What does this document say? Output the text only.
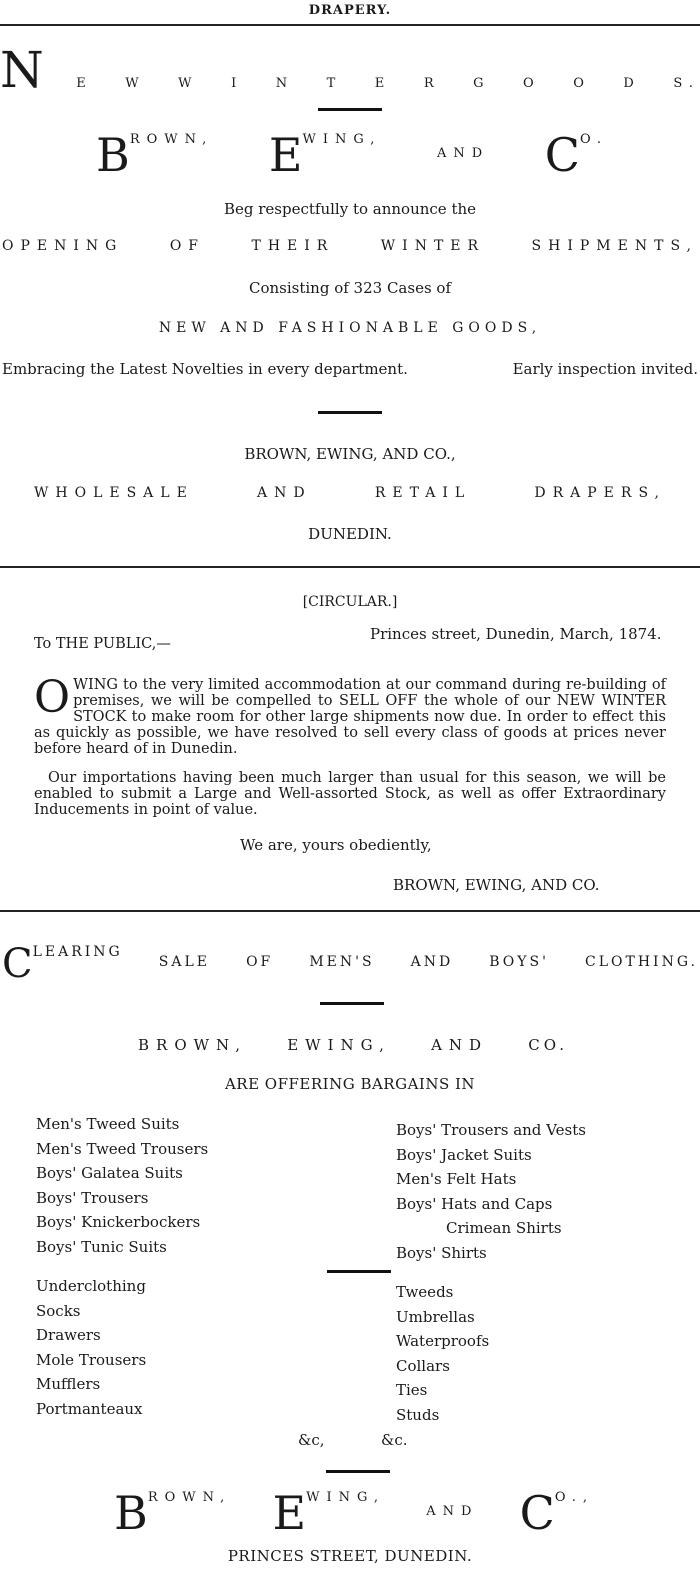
DRAPERY.
N	E	W	W	I	N	T	E	R	G	O	O	D	S.
$B^{ROWN,}$ $E^{WING,}$
AND $C^{O.}$
Beg respectfully to announce the
OPENING	OF	THEIR	WINTER	SHIPMENTS,
Consisting of 323 Cases of
NEW AND FASHIONABLE GOODS,
Embracing the Latest Novelties in every department.	Early inspection invited.
BROWN, EWING, AND CO.,
WHOLESALE	AND	RETAIL	DRAPERS,
DUNEDIN.
[CIRCULAR.]
Princes street, Dunedin, March, 1874.
To THE PUBLIC,—
OWING to the very limited accommodation at our command during re-building of premises, we will be compelled to SELL OFF the whole of our NEW WINTER STOCK to make room for other large shipments now due. In order to effect this as quickly as possible, we have resolved to sell every class of goods at prices never before heard of in Dunedin.
Our importations having been much larger than usual for this season, we will be enabled to submit a Large and Well-assorted Stock, as well as offer Extraordinary Inducements in point of value.
We are, yours obediently,
BROWN, EWING, AND CO.
CLEARING
SALE	OF	MEN'S	AND	BOYS'	CLOTHING.
BROWN,	EWING,	AND	CO.
ARE OFFERING BARGAINS IN
Men's Tweed Suits
Men's Tweed Trousers
Boys' Galatea Suits
Boys' Trousers
Boys' Knickerbockers
Boys' Tunic Suits
Boys' Trousers and Vests
Boys' Jacket Suits
Men's Felt Hats
Boys' Hats and Caps
Crimean Shirts
Boys' Shirts
Underclothing
Socks
Drawers
Mole Trousers
Mufflers
Portmanteaux
Tweeds
Umbrellas
Waterproofs
Collars
Ties
Studs
&c,	&c.
$B^{ROWN,}$ $E^{WING,}$
AND $C^{O.,}$
PRINCES STREET, DUNEDIN.
